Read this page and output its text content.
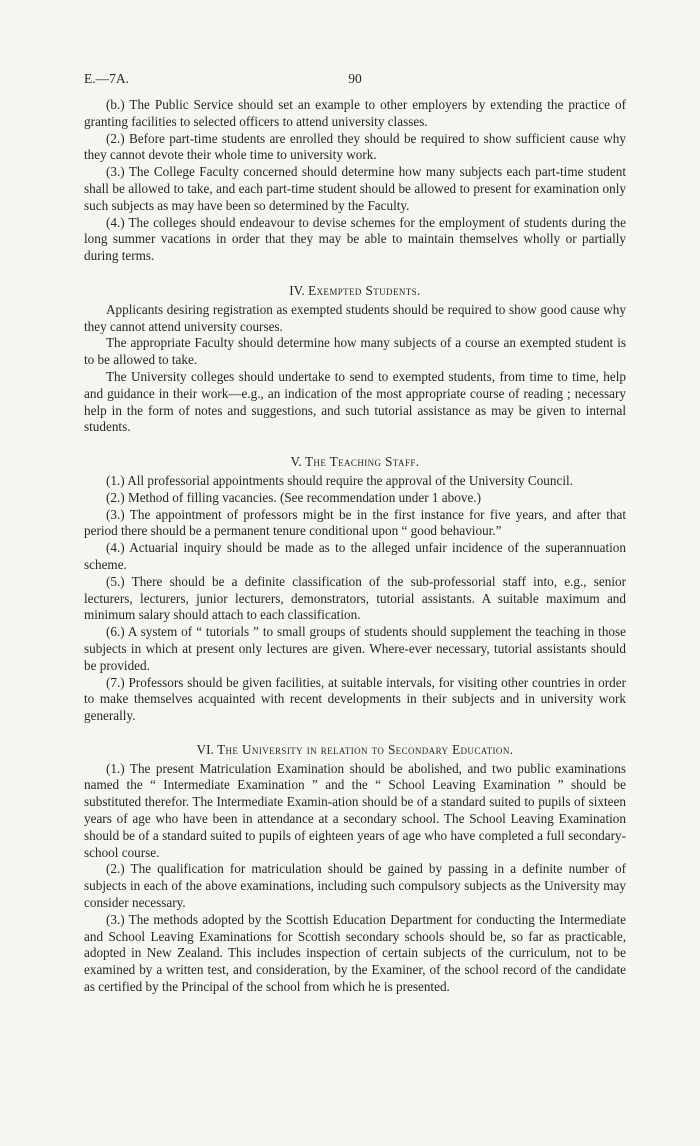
E.—7A.	90

(b.) The Public Service should set an example to other employers by extending the practice of granting facilities to selected officers to attend university classes.

(2.) Before part-time students are enrolled they should be required to show sufficient cause why they cannot devote their whole time to university work.

(3.) The College Faculty concerned should determine how many subjects each part-time student shall be allowed to take, and each part-time student should be allowed to present for examination only such subjects as may have been so determined by the Faculty.

(4.) The colleges should endeavour to devise schemes for the employment of students during the long summer vacations in order that they may be able to maintain themselves wholly or partially during terms.

IV. Exempted Students.

Applicants desiring registration as exempted students should be required to show good cause why they cannot attend university courses.

The appropriate Faculty should determine how many subjects of a course an exempted student is to be allowed to take.

The University colleges should undertake to send to exempted students, from time to time, help and guidance in their work—e.g., an indication of the most appropriate course of reading ; necessary help in the form of notes and suggestions, and such tutorial assistance as may be given to internal students.

V. The Teaching Staff.

(1.) All professorial appointments should require the approval of the University Council.

(2.) Method of filling vacancies. (See recommendation under 1 above.)

(3.) The appointment of professors might be in the first instance for five years, and after that period there should be a permanent tenure conditional upon “ good behaviour.”

(4.) Actuarial inquiry should be made as to the alleged unfair incidence of the superannuation scheme.

(5.) There should be a definite classification of the sub-professorial staff into, e.g., senior lecturers, lecturers, junior lecturers, demonstrators, tutorial assistants. A suitable maximum and minimum salary should attach to each classification.

(6.) A system of “ tutorials ” to small groups of students should supplement the teaching in those subjects in which at present only lectures are given. Where-ever necessary, tutorial assistants should be provided.

(7.) Professors should be given facilities, at suitable intervals, for visiting other countries in order to make themselves acquainted with recent developments in their subjects and in university work generally.

VI. The University in relation to Secondary Education.

(1.) The present Matriculation Examination should be abolished, and two public examinations named the “ Intermediate Examination ” and the “ School Leaving Examination ” should be substituted therefor. The Intermediate Examin-ation should be of a standard suited to pupils of sixteen years of age who have been in attendance at a secondary school. The School Leaving Examination should be of a standard suited to pupils of eighteen years of age who have completed a full secondary-school course.

(2.) The qualification for matriculation should be gained by passing in a definite number of subjects in each of the above examinations, including such compulsory subjects as the University may consider necessary.

(3.) The methods adopted by the Scottish Education Department for conducting the Intermediate and School Leaving Examinations for Scottish secondary schools should be, so far as practicable, adopted in New Zealand. This includes inspection of certain subjects of the curriculum, not to be examined by a written test, and consideration, by the Examiner, of the school record of the candidate as certified by the Principal of the school from which he is presented.
